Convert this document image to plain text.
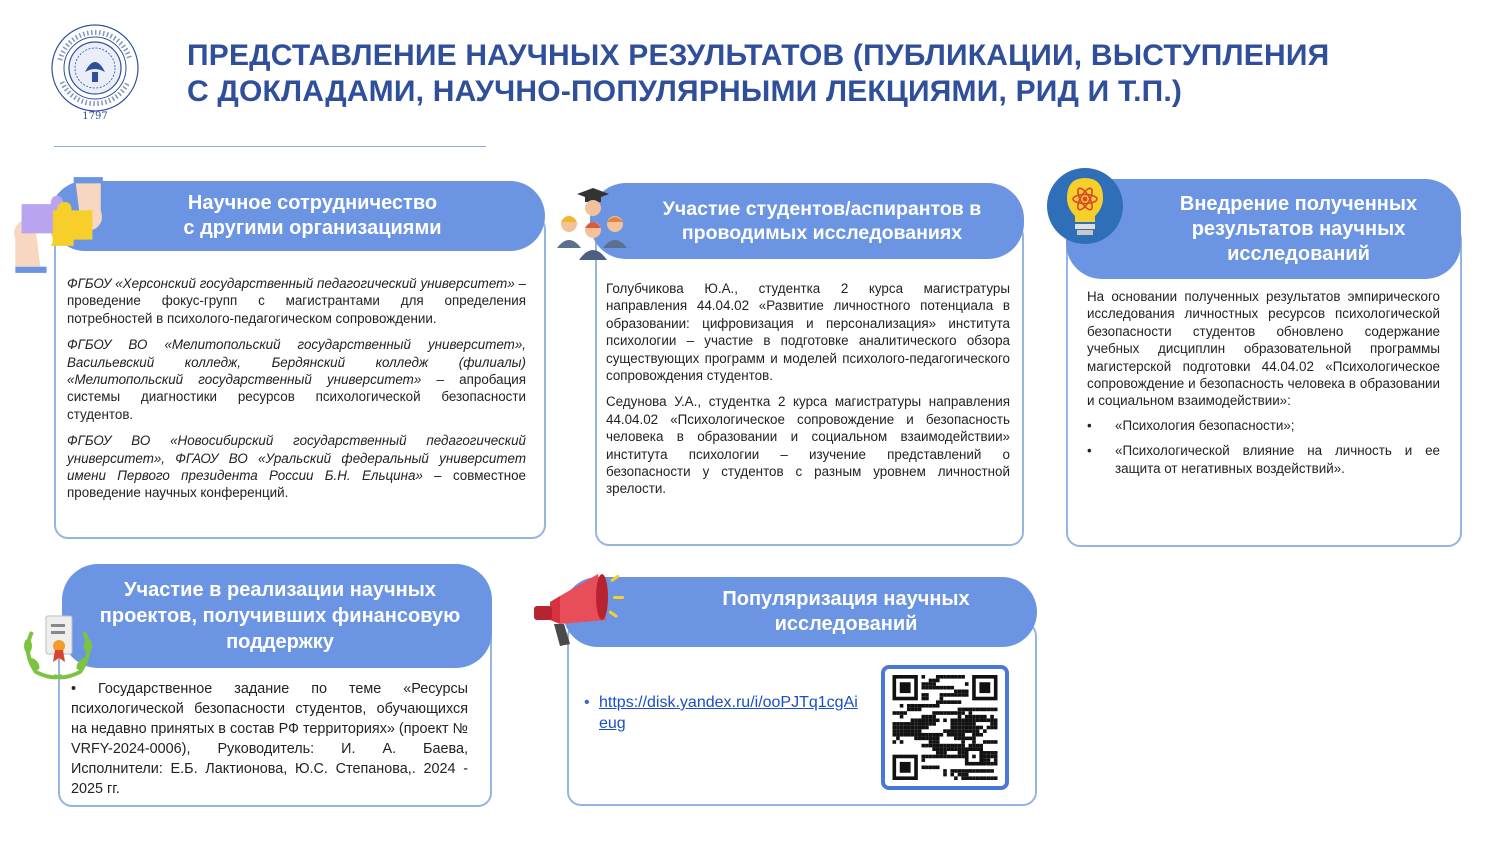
1797
ПРЕДСТАВЛЕНИЕ НАУЧНЫХ РЕЗУЛЬТАТОВ (ПУБЛИКАЦИИ, ВЫСТУПЛЕНИЯ
С ДОКЛАДАМИ, НАУЧНО-ПОПУЛЯРНЫМИ ЛЕКЦИЯМИ, РИД И Т.П.)
Научное сотрудничество
с другими организациями

ФГБОУ «Херсонский государственный педагогический университет» – проведение фокус-групп с магистрантами для определения потребностей в психолого-педагогическом сопровождении.

ФГБОУ ВО «Мелитопольский государственный университет», Васильевский колледж, Бердянский колледж (филиалы) «Мелитопольский государственный университет» – апробация системы диагностики ресурсов психологической безопасности студентов.

ФГБОУ ВО «Новосибирский государственный педагогический университет», ФГАОУ ВО «Уральский федеральный университет имени Первого президента России Б.Н. Ельцина» – совместное проведение научных конференций.

Участие студентов/аспирантов в
проводимых исследованиях

Голубчикова Ю.А., студентка 2 курса магистратуры направления 44.04.02 «Развитие личностного потенциала в образовании: цифровизация и персонализация» института психологии – участие в подготовке аналитического обзора существующих программ и моделей психолого-педагогического сопровождения студентов.

Седунова У.А., студентка 2 курса магистратуры направления 44.04.02 «Психологическое сопровождение и безопасность человека в образовании и социальном взаимодействии» института психологии – изучение представлений о безопасности у студентов с разным уровнем личностной зрелости.

Внедрение полученных
результатов научных
исследований
На основании полученных результатов эмпирического исследования личностных ресурсов психологической безопасности студентов обновлено содержание учебных дисциплин образовательной программы магистерской подготовки 44.04.02 «Психологическое сопровождение и безопасность человека в образовании и социальном взаимодействии»:
• «Психология безопасности»;
• «Психологической влияние на личность и ее защита от негативных воздействий».
Участие в реализации научных
проектов, получивших финансовую
поддержку
• Государственное задание по теме «Ресурсы психологической безопасности студентов, обучающихся на недавно принятых в состав РФ территориях» (проект № VRFY-2024-0006), Руководитель: И. А. Баева, Исполнители: Е.Б. Лактионова, Ю.С. Степанова,. 2024 - 2025 гг.
Популяризация научных
исследований
• https://disk.yandex.ru/i/ooPJTq1cgAieug
